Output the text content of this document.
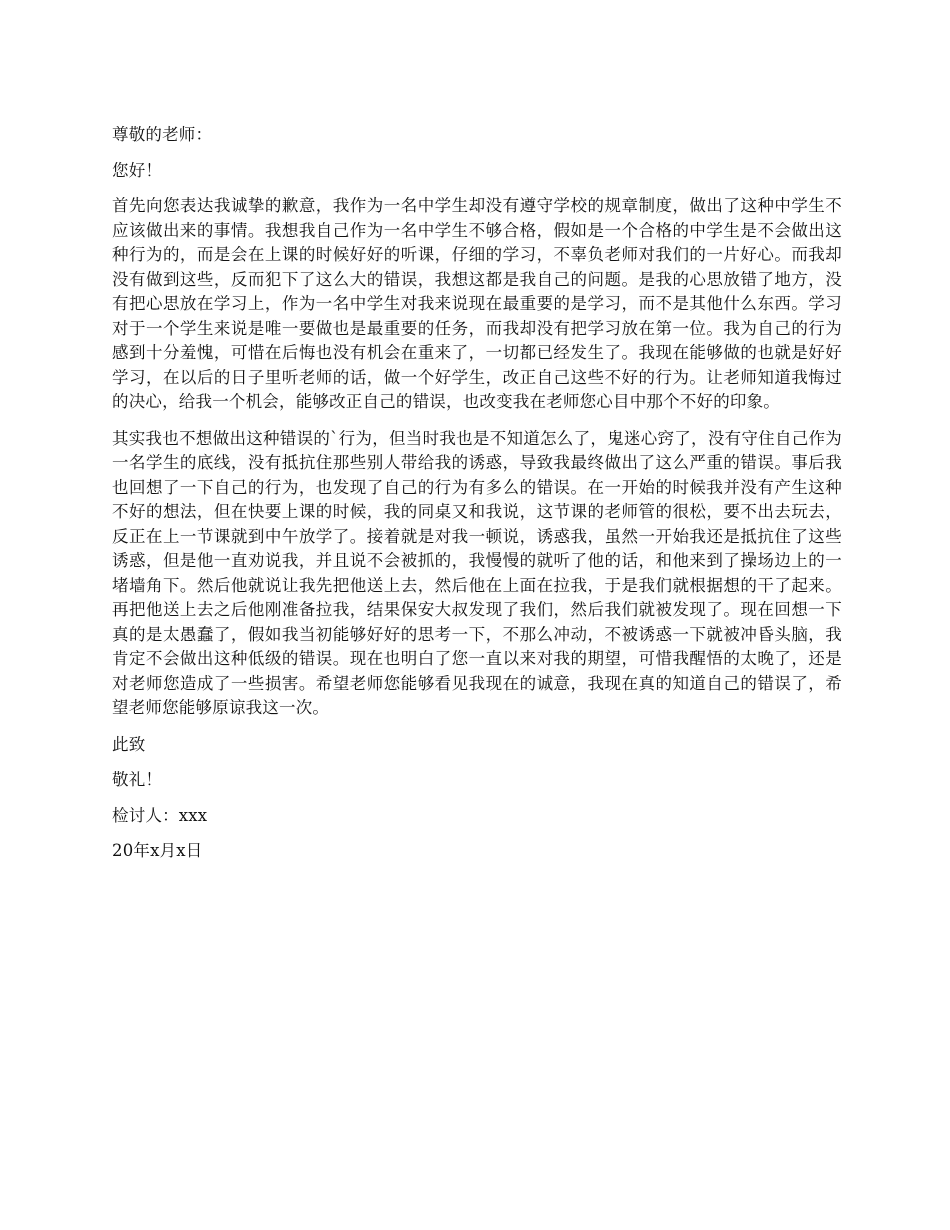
尊敬的老师：

您好！

首先向您表达我诚挚的歉意，我作为一名中学生却没有遵守学校的规章制度，做出了这种中学生不应该做出来的事情。我想我自己作为一名中学生不够合格，假如是一个合格的中学生是不会做出这种行为的，而是会在上课的时候好好的听课，仔细的学习，不辜负老师对我们的一片好心。而我却没有做到这些，反而犯下了这么大的错误，我想这都是我自己的问题。是我的心思放错了地方，没有把心思放在学习上，作为一名中学生对我来说现在最重要的是学习，而不是其他什么东西。学习对于一个学生来说是唯一要做也是最重要的任务，而我却没有把学习放在第一位。我为自己的行为感到十分羞愧，可惜在后悔也没有机会在重来了，一切都已经发生了。我现在能够做的也就是好好学习，在以后的日子里听老师的话，做一个好学生，改正自己这些不好的行为。让老师知道我悔过的决心，给我一个机会，能够改正自己的错误，也改变我在老师您心目中那个不好的印象。

其实我也不想做出这种错误的`行为，但当时我也是不知道怎么了，鬼迷心窍了，没有守住自己作为一名学生的底线，没有抵抗住那些别人带给我的诱惑，导致我最终做出了这么严重的错误。事后我也回想了一下自己的行为，也发现了自己的行为有多么的错误。在一开始的时候我并没有产生这种不好的想法，但在快要上课的时候，我的同桌又和我说，这节课的老师管的很松，要不出去玩去，反正在上一节课就到中午放学了。接着就是对我一顿说，诱惑我，虽然一开始我还是抵抗住了这些诱惑，但是他一直劝说我，并且说不会被抓的，我慢慢的就听了他的话，和他来到了操场边上的一堵墙角下。然后他就说让我先把他送上去，然后他在上面在拉我，于是我们就根据想的干了起来。再把他送上去之后他刚准备拉我，结果保安大叔发现了我们，然后我们就被发现了。现在回想一下真的是太愚蠢了，假如我当初能够好好的思考一下，不那么冲动，不被诱惑一下就被冲昏头脑，我肯定不会做出这种低级的错误。现在也明白了您一直以来对我的期望，可惜我醒悟的太晚了，还是对老师您造成了一些损害。希望老师您能够看见我现在的诚意，我现在真的知道自己的错误了，希望老师您能够原谅我这一次。

此致

敬礼！

检讨人：xxx

20年x月x日
